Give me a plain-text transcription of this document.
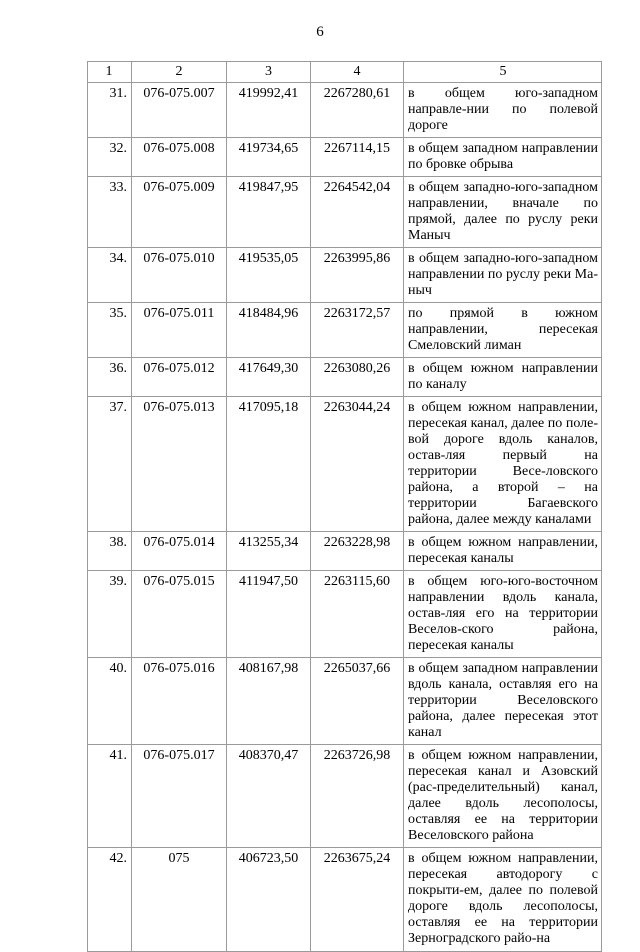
6
1	2	3	4	5
31.	076-075.007	419992,41	2267280,61	в общем юго-западном направле-нии по полевой дороге
32.	076-075.008	419734,65	2267114,15	в общем западном направлении по бровке обрыва
33.	076-075.009	419847,95	2264542,04	в общем западно-юго-западном направлении, вначале по прямой, далее по руслу реки Маныч
34.	076-075.010	419535,05	2263995,86	в общем западно-юго-западном направлении по руслу реки Ма-ныч
35.	076-075.011	418484,96	2263172,57	по прямой в южном направлении, пересекая Смеловский лиман
36.	076-075.012	417649,30	2263080,26	в общем южном направлении по каналу
37.	076-075.013	417095,18	2263044,24	в общем южном направлении, пересекая канал, далее по поле-вой дороге вдоль каналов, остав-ляя первый на территории Весе-ловского района, а второй – на территории Багаевского района, далее между каналами
38.	076-075.014	413255,34	2263228,98	в общем южном направлении, пересекая каналы
39.	076-075.015	411947,50	2263115,60	в общем юго-юго-восточном направлении вдоль канала, остав-ляя его на территории Веселов-ского района, пересекая каналы
40.	076-075.016	408167,98	2265037,66	в общем западном направлении вдоль канала, оставляя его на территории Веселовского района, далее пересекая этот канал
41.	076-075.017	408370,47	2263726,98	в общем южном направлении, пересекая канал и Азовский (рас-пределительный) канал, далее вдоль лесополосы, оставляя ее на территории Веселовского района
42.	075	406723,50	2263675,24	в общем южном направлении, пересекая автодорогу с покрыти-ем, далее по полевой дороге вдоль лесополосы, оставляя ее на территории Зерноградского райо-на
